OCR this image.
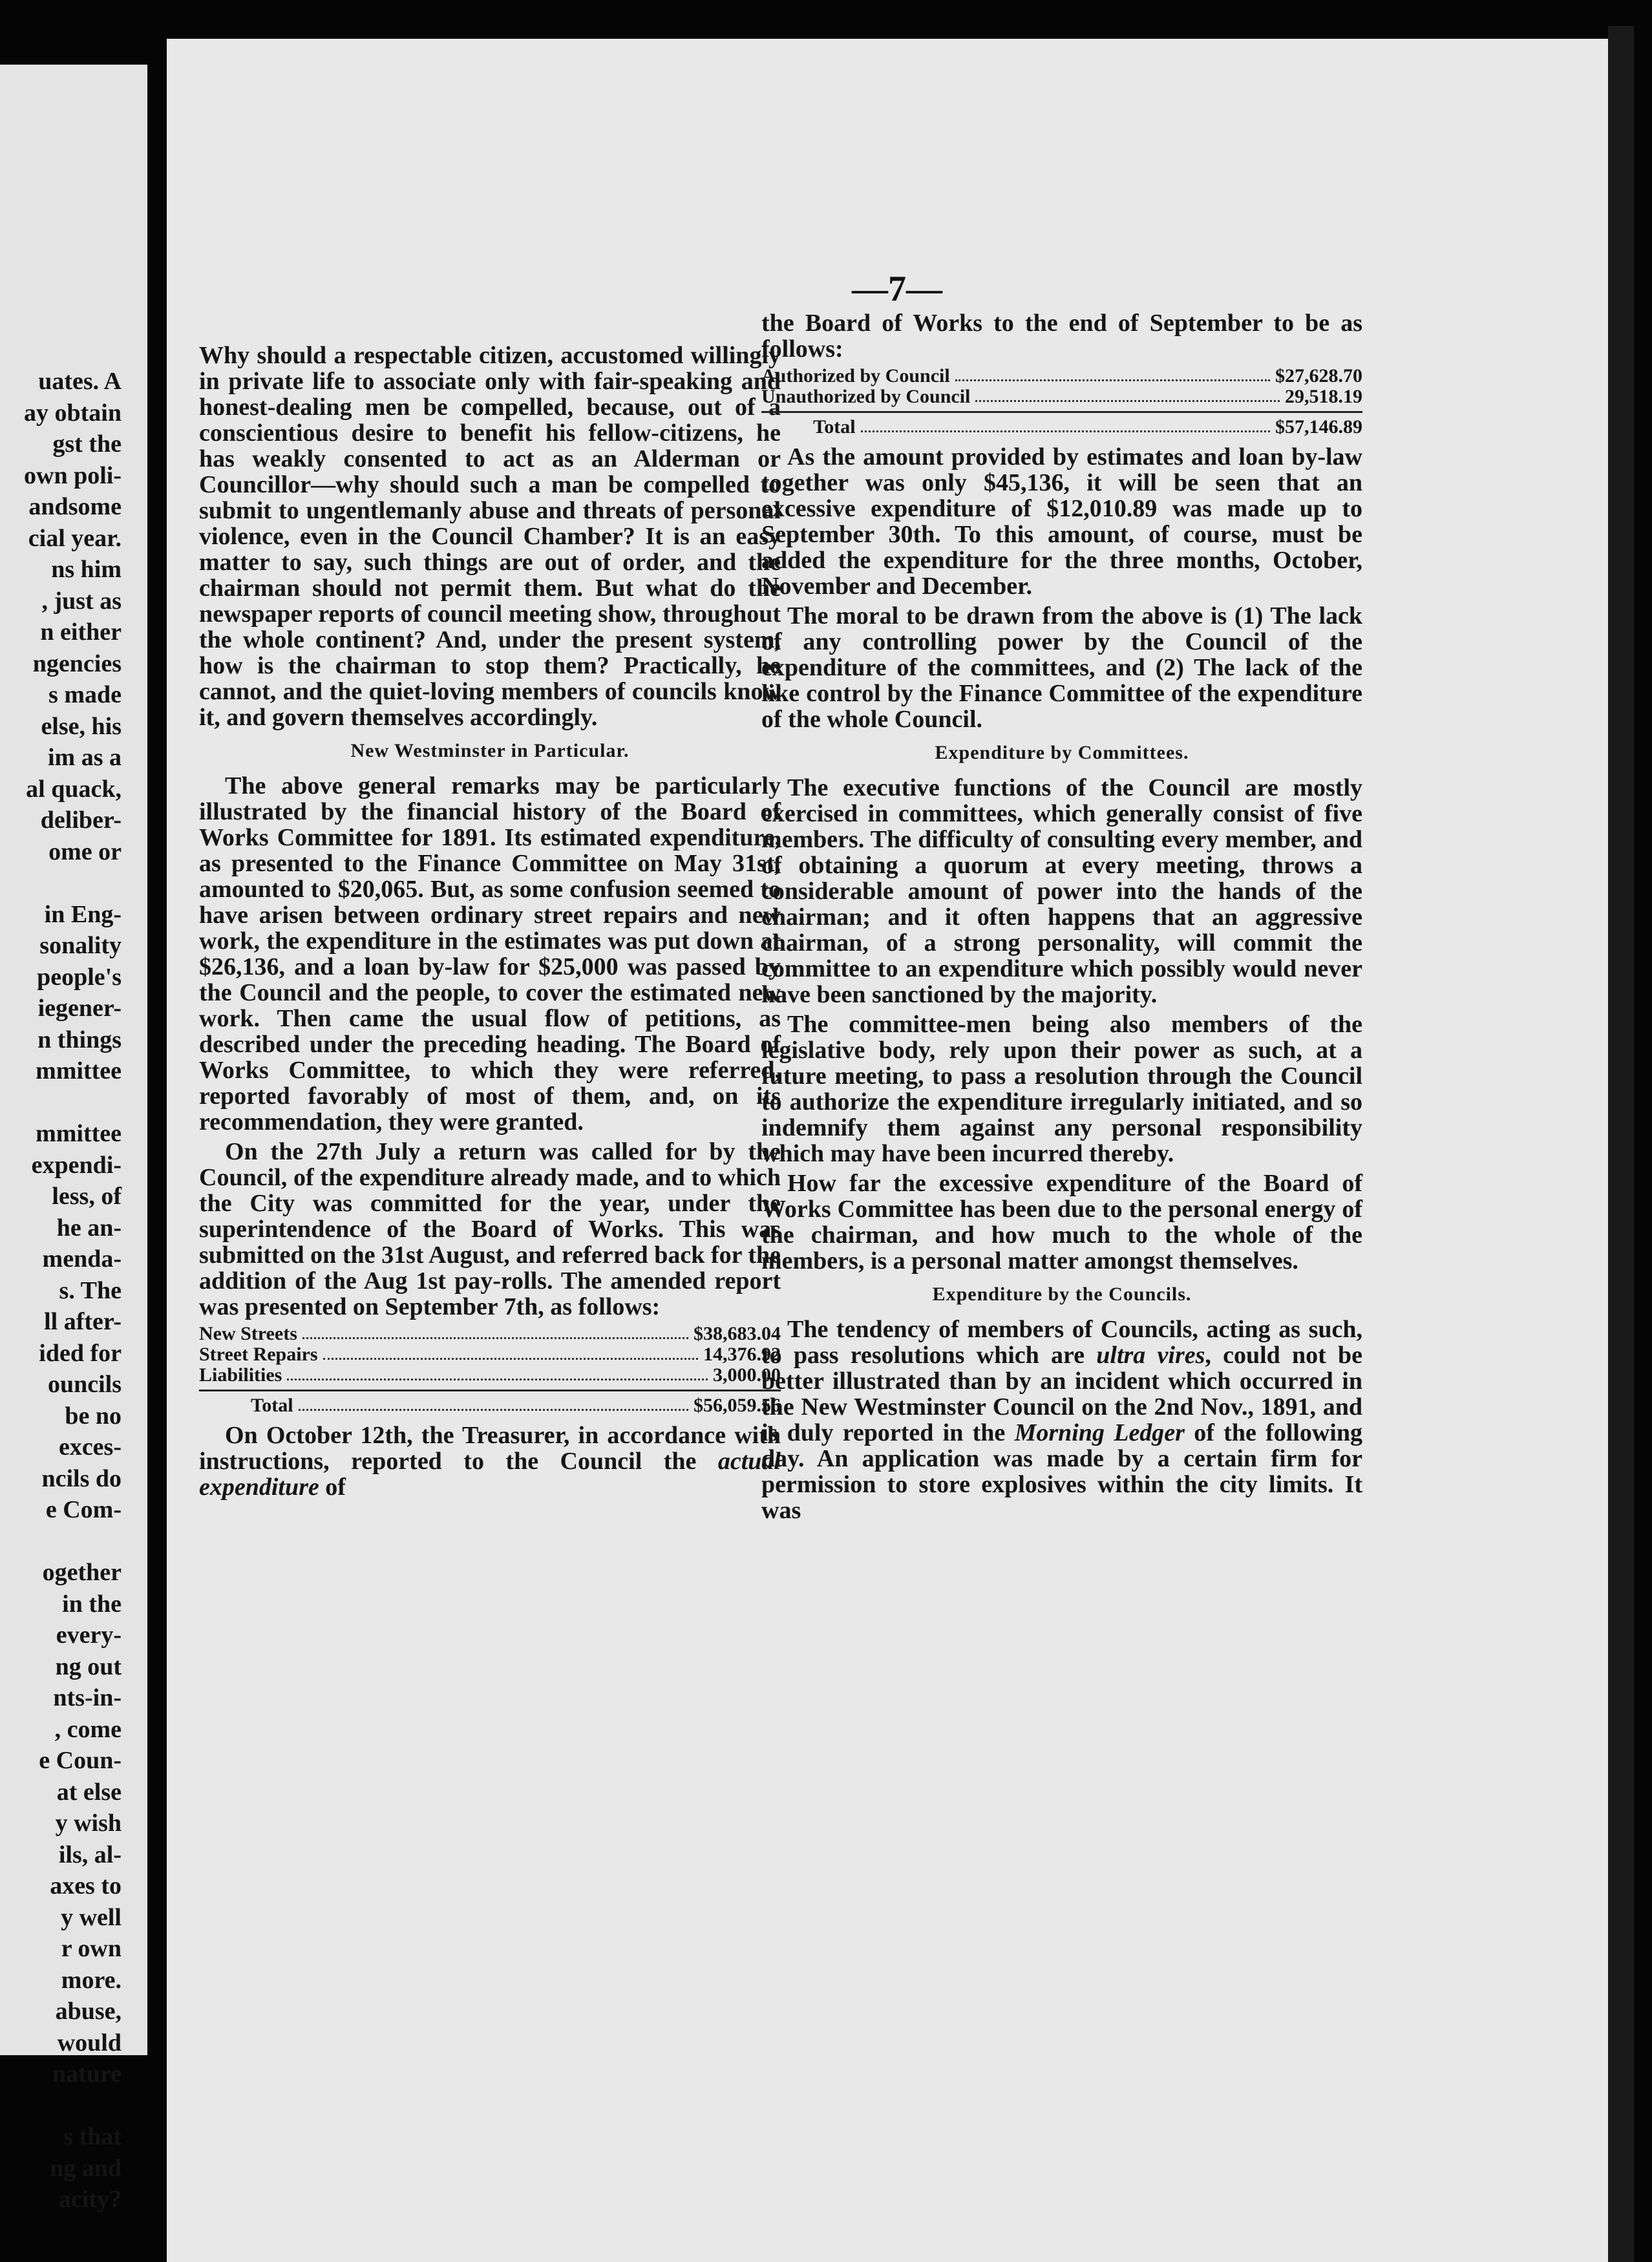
uates. A
ay obtain
gst the
own poli-
andsome
cial year.
ns him
, just as
n either
ngencies
s made
else, his
im as a
al quack,
deliber-
ome or
in Eng-
sonality
people's
iegener-
n things
mmittee
mmittee
expendi-
less, of
he an-
menda-
s. The
ll after-
ided for
ouncils
be no
exces-
ncils do
e Com-
ogether
in the
every-
ng out
nts-in-
, come
e Coun-
at else
y wish
ils, al-
axes to
y well
r own
more.
abuse,
would
nature
s that
ng and
acity?
—7—

Why should a respectable citizen, accustomed willingly in private life to associate only with fair-speaking and honest-dealing men be compelled, because, out of a conscientious desire to benefit his fellow-citizens, he has weakly consented to act as an Alderman or Councillor—why should such a man be compelled to submit to ungentlemanly abuse and threats of personal violence, even in the Council Chamber? It is an easy matter to say, such things are out of order, and the chairman should not permit them. But what do the newspaper reports of council meeting show, throughout the whole continent? And, under the present system, how is the chairman to stop them? Practically, he cannot, and the quiet-loving members of councils know it, and govern themselves accordingly.

New Westminster in Particular.

The above general remarks may be particularly illustrated by the financial history of the Board of Works Committee for 1891. Its estimated expenditure, as presented to the Finance Committee on May 31st, amounted to $20,065. But, as some confusion seemed to have arisen between ordinary street repairs and new work, the expenditure in the estimates was put down at $26,136, and a loan by-law for $25,000 was passed by the Council and the people, to cover the estimated new work. Then came the usual flow of petitions, as described under the preceding heading. The Board of Works Committee, to which they were referred, reported favorably of most of them, and, on its recommendation, they were granted.

On the 27th July a return was called for by the Council, of the expenditure already made, and to which the City was committed for the year, under the superintendence of the Board of Works. This was submitted on the 31st August, and referred back for the addition of the Aug 1st pay-rolls. The amended report was presented on September 7th, as follows:

New Streets	$38,683.04
Street Repairs	14,376.92
Liabilities	3,000.00
Total	$56,059.56

On October 12th, the Treasurer, in accordance with instructions, reported to the Council the actual expenditure of

the Board of Works to the end of September to be as follows:

Authorized by Council	$27,628.70
Unauthorized by Council	29,518.19
Total	$57,146.89

As the amount provided by estimates and loan by-law together was only $45,136, it will be seen that an excessive expenditure of $12,010.89 was made up to September 30th. To this amount, of course, must be added the expenditure for the three months, October, November and December.

The moral to be drawn from the above is (1) The lack of any controlling power by the Council of the expenditure of the committees, and (2) The lack of the like control by the Finance Committee of the expenditure of the whole Council.

Expenditure by Committees.

The executive functions of the Council are mostly exercised in committees, which generally consist of five members. The difficulty of consulting every member, and of obtaining a quorum at every meeting, throws a considerable amount of power into the hands of the chairman; and it often happens that an aggressive chairman, of a strong personality, will commit the committee to an expenditure which possibly would never have been sanctioned by the majority.

The committee-men being also members of the legislative body, rely upon their power as such, at a future meeting, to pass a resolution through the Council to authorize the expenditure irregularly initiated, and so indemnify them against any personal responsibility which may have been incurred thereby.

How far the excessive expenditure of the Board of Works Committee has been due to the personal energy of the chairman, and how much to the whole of the members, is a personal matter amongst themselves.

Expenditure by the Councils.

The tendency of members of Councils, acting as such, to pass resolutions which are ultra vires, could not be better illustrated than by an incident which occurred in the New Westminster Council on the 2nd Nov., 1891, and is duly reported in the Morning Ledger of the following day. An application was made by a certain firm for permission to store explosives within the city limits. It was
